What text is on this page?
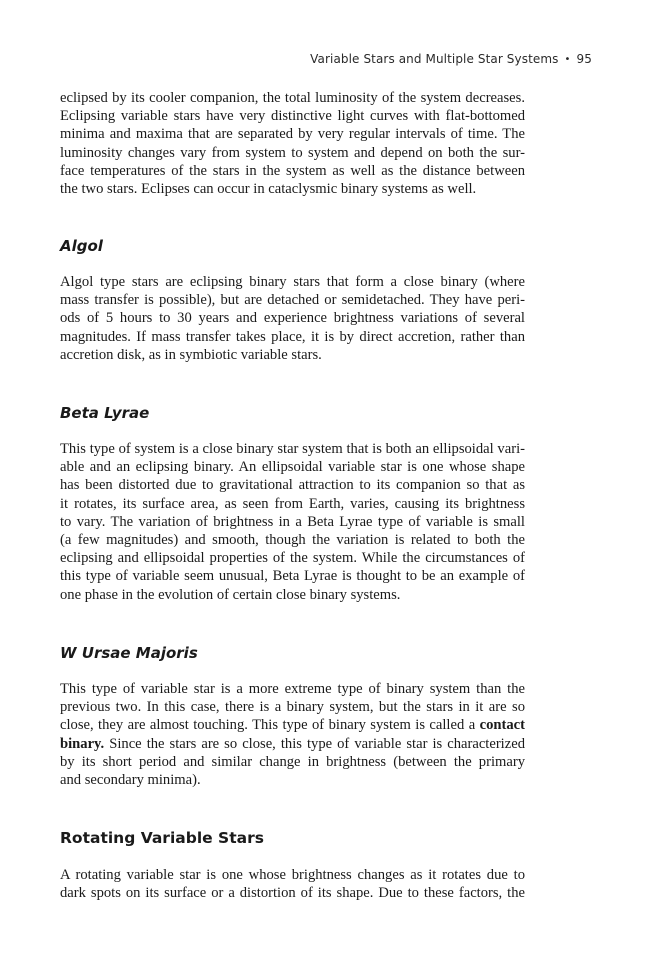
Variable Stars and Multiple Star Systems • 95

eclipsed by its cooler companion, the total luminosity of the system decreases.
Eclipsing variable stars have very distinctive light curves with flat-bottomed
minima and maxima that are separated by very regular intervals of time. The
luminosity changes vary from system to system and depend on both the sur-
face temperatures of the stars in the system as well as the distance between
the two stars. Eclipses can occur in cataclysmic binary systems as well.

Algol

Algol type stars are eclipsing binary stars that form a close binary (where
mass transfer is possible), but are detached or semidetached. They have peri-
ods of 5 hours to 30 years and experience brightness variations of several
magnitudes. If mass transfer takes place, it is by direct accretion, rather than
accretion disk, as in symbiotic variable stars.

Beta Lyrae

This type of system is a close binary star system that is both an ellipsoidal vari-
able and an eclipsing binary. An ellipsoidal variable star is one whose shape
has been distorted due to gravitational attraction to its companion so that as
it rotates, its surface area, as seen from Earth, varies, causing its brightness
to vary. The variation of brightness in a Beta Lyrae type of variable is small
(a few magnitudes) and smooth, though the variation is related to both the
eclipsing and ellipsoidal properties of the system. While the circumstances of
this type of variable seem unusual, Beta Lyrae is thought to be an example of
one phase in the evolution of certain close binary systems.

W Ursae Majoris

This type of variable star is a more extreme type of binary system than the
previous two. In this case, there is a binary system, but the stars in it are so
close, they are almost touching. This type of binary system is called a contact
binary. Since the stars are so close, this type of variable star is characterized
by its short period and similar change in brightness (between the primary
and secondary minima).

Rotating Variable Stars

A rotating variable star is one whose brightness changes as it rotates due to
dark spots on its surface or a distortion of its shape. Due to these factors, the
